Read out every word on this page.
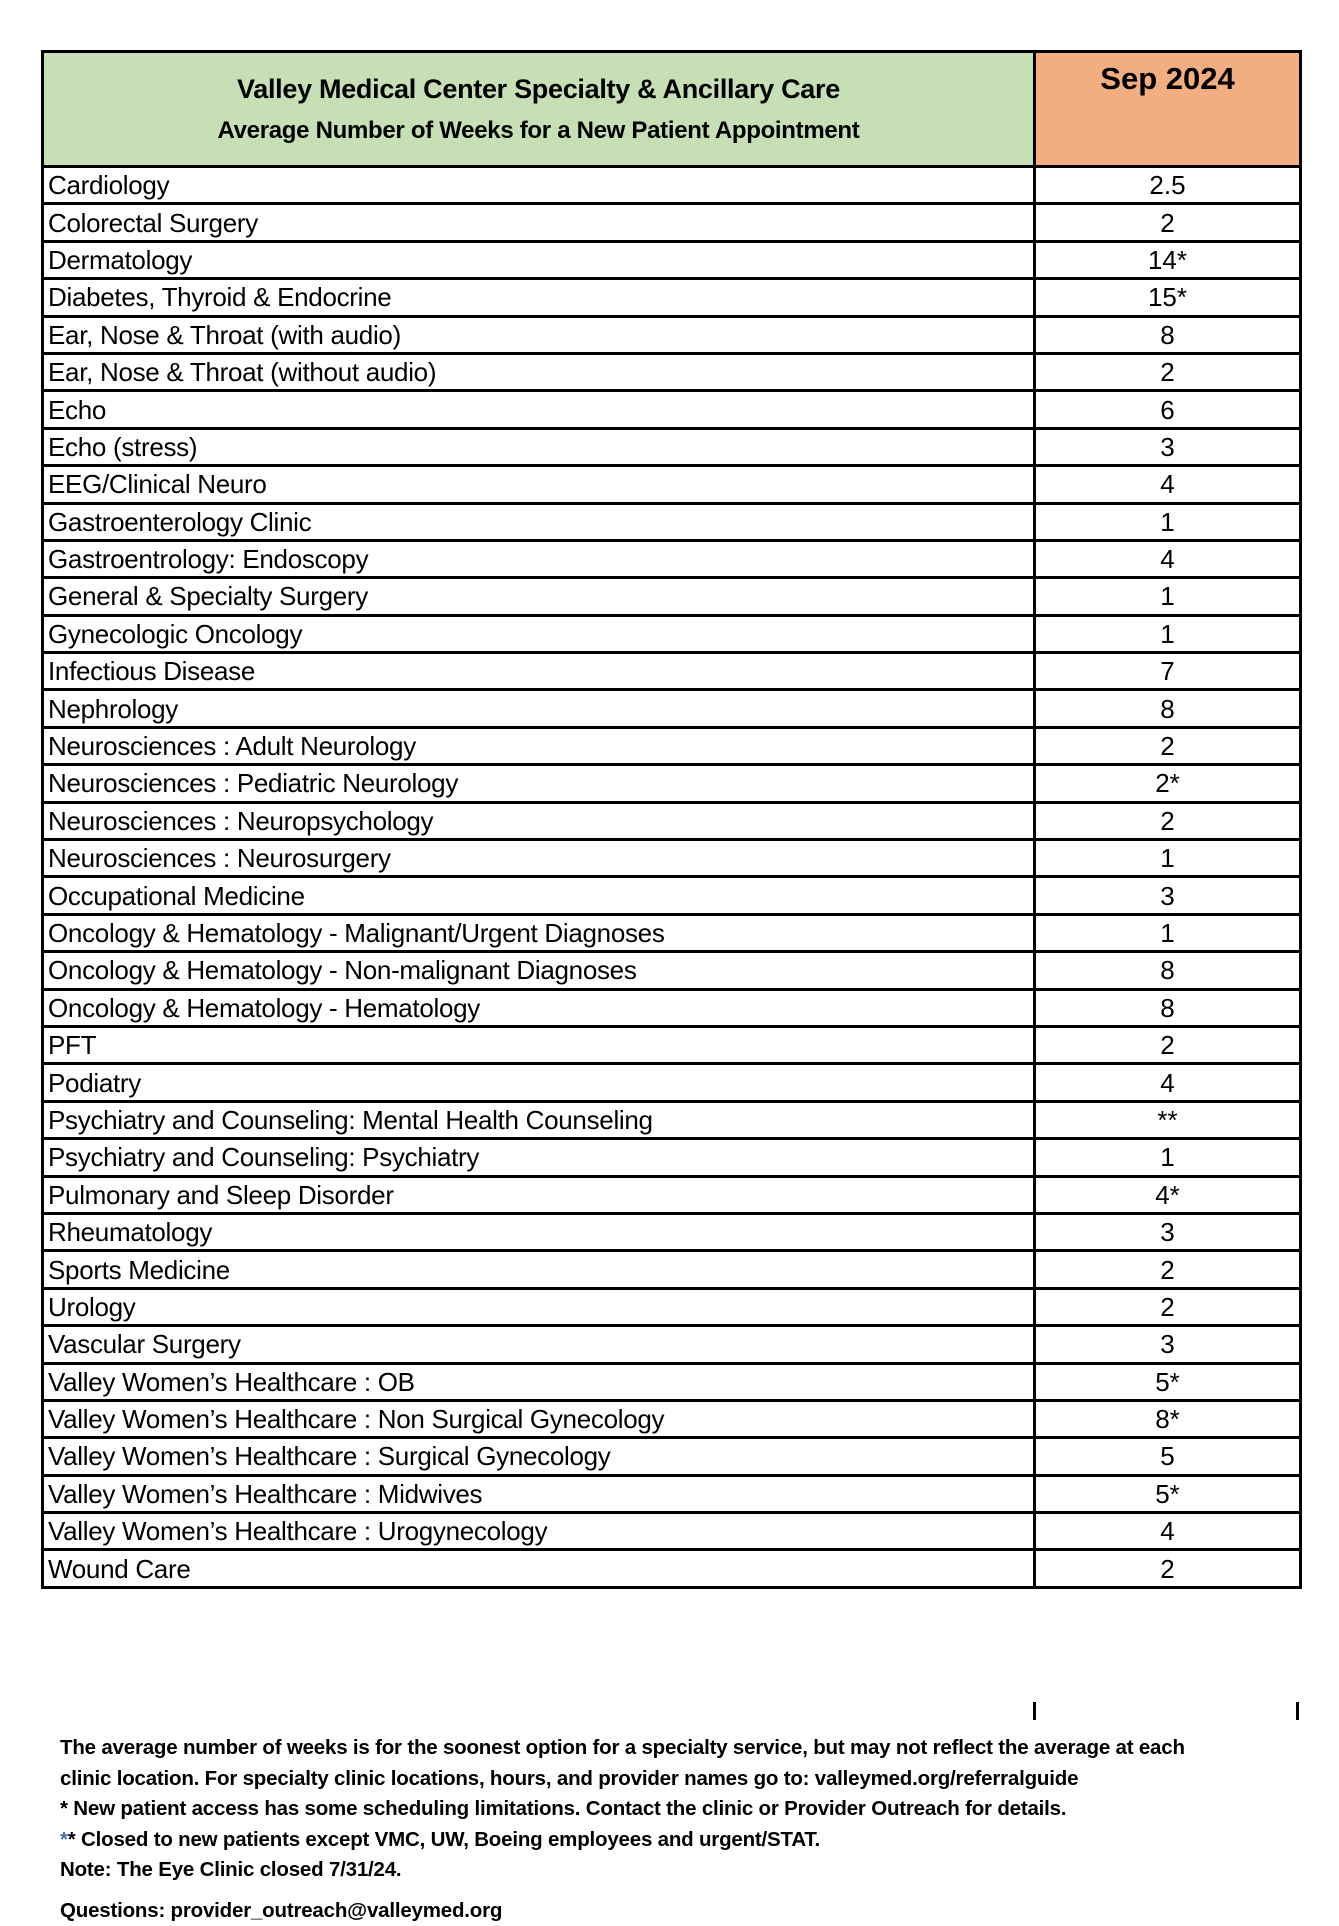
Valley Medical Center Specialty & Ancillary Care
Average Number of Weeks for a New Patient Appointment	Sep 2024
Cardiology	2.5
Colorectal Surgery	2
Dermatology	14*
Diabetes, Thyroid & Endocrine	15*
Ear, Nose & Throat (with audio)	8
Ear, Nose & Throat (without audio)	2
Echo	6
Echo (stress)	3
EEG/Clinical Neuro	4
Gastroenterology Clinic	1
Gastroentrology: Endoscopy	4
General & Specialty Surgery	1
Gynecologic Oncology	1
Infectious Disease	7
Nephrology	8
Neurosciences : Adult Neurology	2
Neurosciences : Pediatric Neurology	2*
Neurosciences : Neuropsychology	2
Neurosciences : Neurosurgery	1
Occupational Medicine	3
Oncology & Hematology - Malignant/Urgent Diagnoses	1
Oncology & Hematology - Non-malignant Diagnoses	8
Oncology & Hematology - Hematology	8
PFT	2
Podiatry	4
Psychiatry and Counseling: Mental Health Counseling	**
Psychiatry and Counseling: Psychiatry	1
Pulmonary and Sleep Disorder	4*
Rheumatology	3
Sports Medicine	2
Urology	2
Vascular Surgery	3
Valley Women’s Healthcare : OB	5*
Valley Women’s Healthcare : Non Surgical Gynecology	8*
Valley Women’s Healthcare : Surgical Gynecology	5
Valley Women’s Healthcare : Midwives	5*
Valley Women’s Healthcare : Urogynecology	4
Wound Care	2
The average number of weeks is for the soonest option for a specialty service, but may not reflect the average at each
clinic location. For specialty clinic locations, hours, and provider names go to: valleymed.org/referralguide
* New patient access has some scheduling limitations. Contact the clinic or Provider Outreach for details.
** Closed to new patients except VMC, UW, Boeing employees and urgent/STAT.
Note: The Eye Clinic closed 7/31/24.
Questions: provider_outreach@valleymed.org
